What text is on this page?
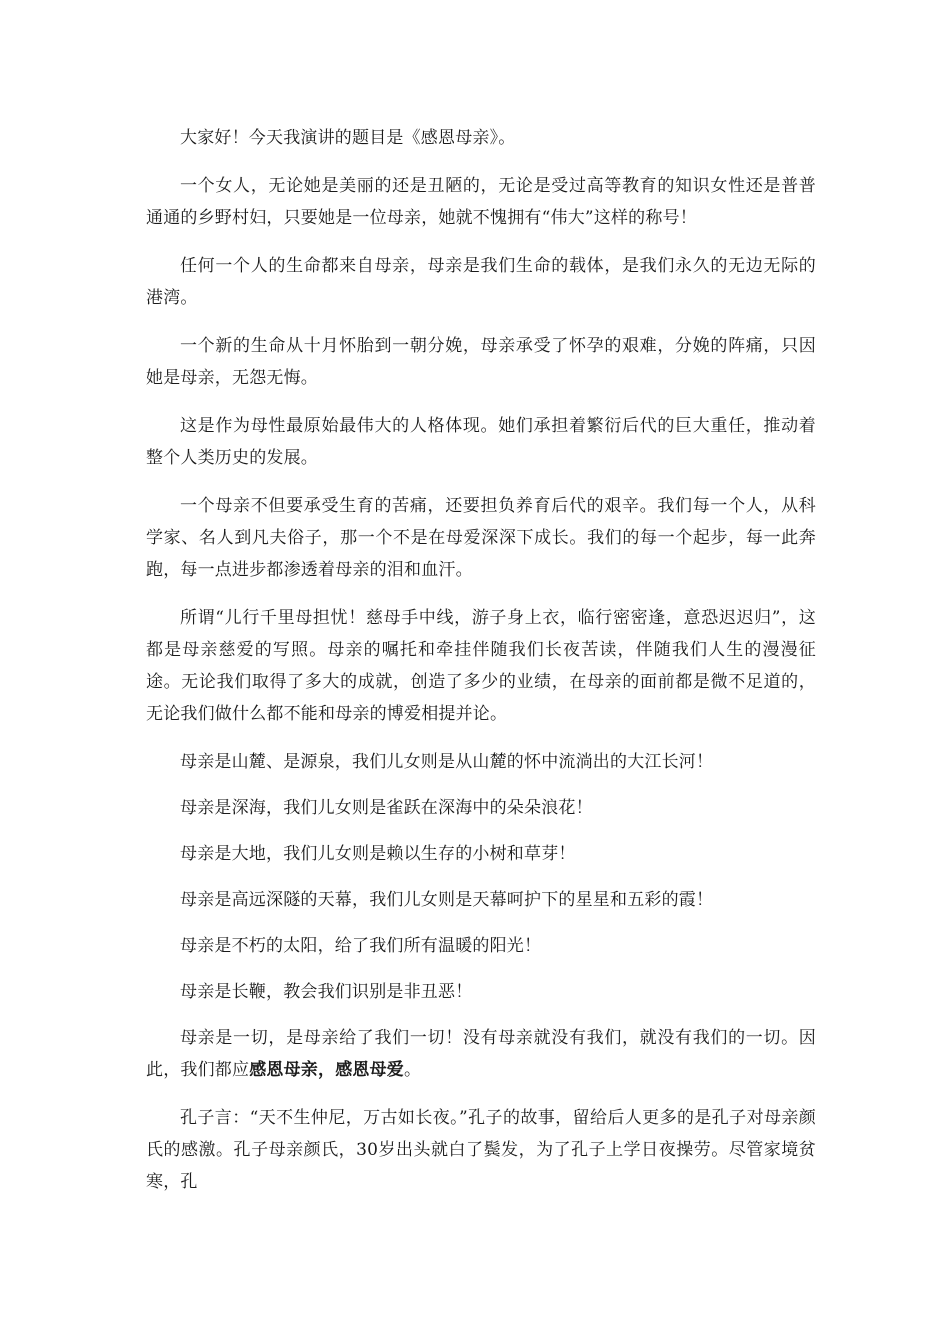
大家好！今天我演讲的题目是《感恩母亲》。

一个女人，无论她是美丽的还是丑陋的，无论是受过高等教育的知识女性还是普普通通的乡野村妇，只要她是一位母亲，她就不愧拥有“伟大”这样的称号！

任何一个人的生命都来自母亲，母亲是我们生命的载体，是我们永久的无边无际的港湾。

一个新的生命从十月怀胎到一朝分娩，母亲承受了怀孕的艰难，分娩的阵痛，只因她是母亲，无怨无悔。

这是作为母性最原始最伟大的人格体现。她们承担着繁衍后代的巨大重任，推动着整个人类历史的发展。

一个母亲不但要承受生育的苦痛，还要担负养育后代的艰辛。我们每一个人，从科学家、名人到凡夫俗子，那一个不是在母爱深深下成长。我们的每一个起步，每一此奔跑，每一点进步都渗透着母亲的泪和血汗。

所谓“儿行千里母担忧！慈母手中线，游子身上衣，临行密密逢，意恐迟迟归”，这都是母亲慈爱的写照。母亲的嘱托和牵挂伴随我们长夜苦读，伴随我们人生的漫漫征途。无论我们取得了多大的成就，创造了多少的业绩，在母亲的面前都是微不足道的，无论我们做什么都不能和母亲的博爱相提并论。

母亲是山麓、是源泉，我们儿女则是从山麓的怀中流淌出的大江长河！

母亲是深海，我们儿女则是雀跃在深海中的朵朵浪花！

母亲是大地，我们儿女则是赖以生存的小树和草芽！

母亲是高远深隧的天幕，我们儿女则是天幕呵护下的星星和五彩的霞！

母亲是不朽的太阳，给了我们所有温暖的阳光！

母亲是长鞭，教会我们识别是非丑恶！

母亲是一切，是母亲给了我们一切！没有母亲就没有我们，就没有我们的一切。因此，我们都应感恩母亲，感恩母爱。

孔子言：“天不生仲尼，万古如长夜。”孔子的故事，留给后人更多的是孔子对母亲颜氏的感激。孔子母亲颜氏，30岁出头就白了鬓发，为了孔子上学日夜操劳。尽管家境贫寒，孔
